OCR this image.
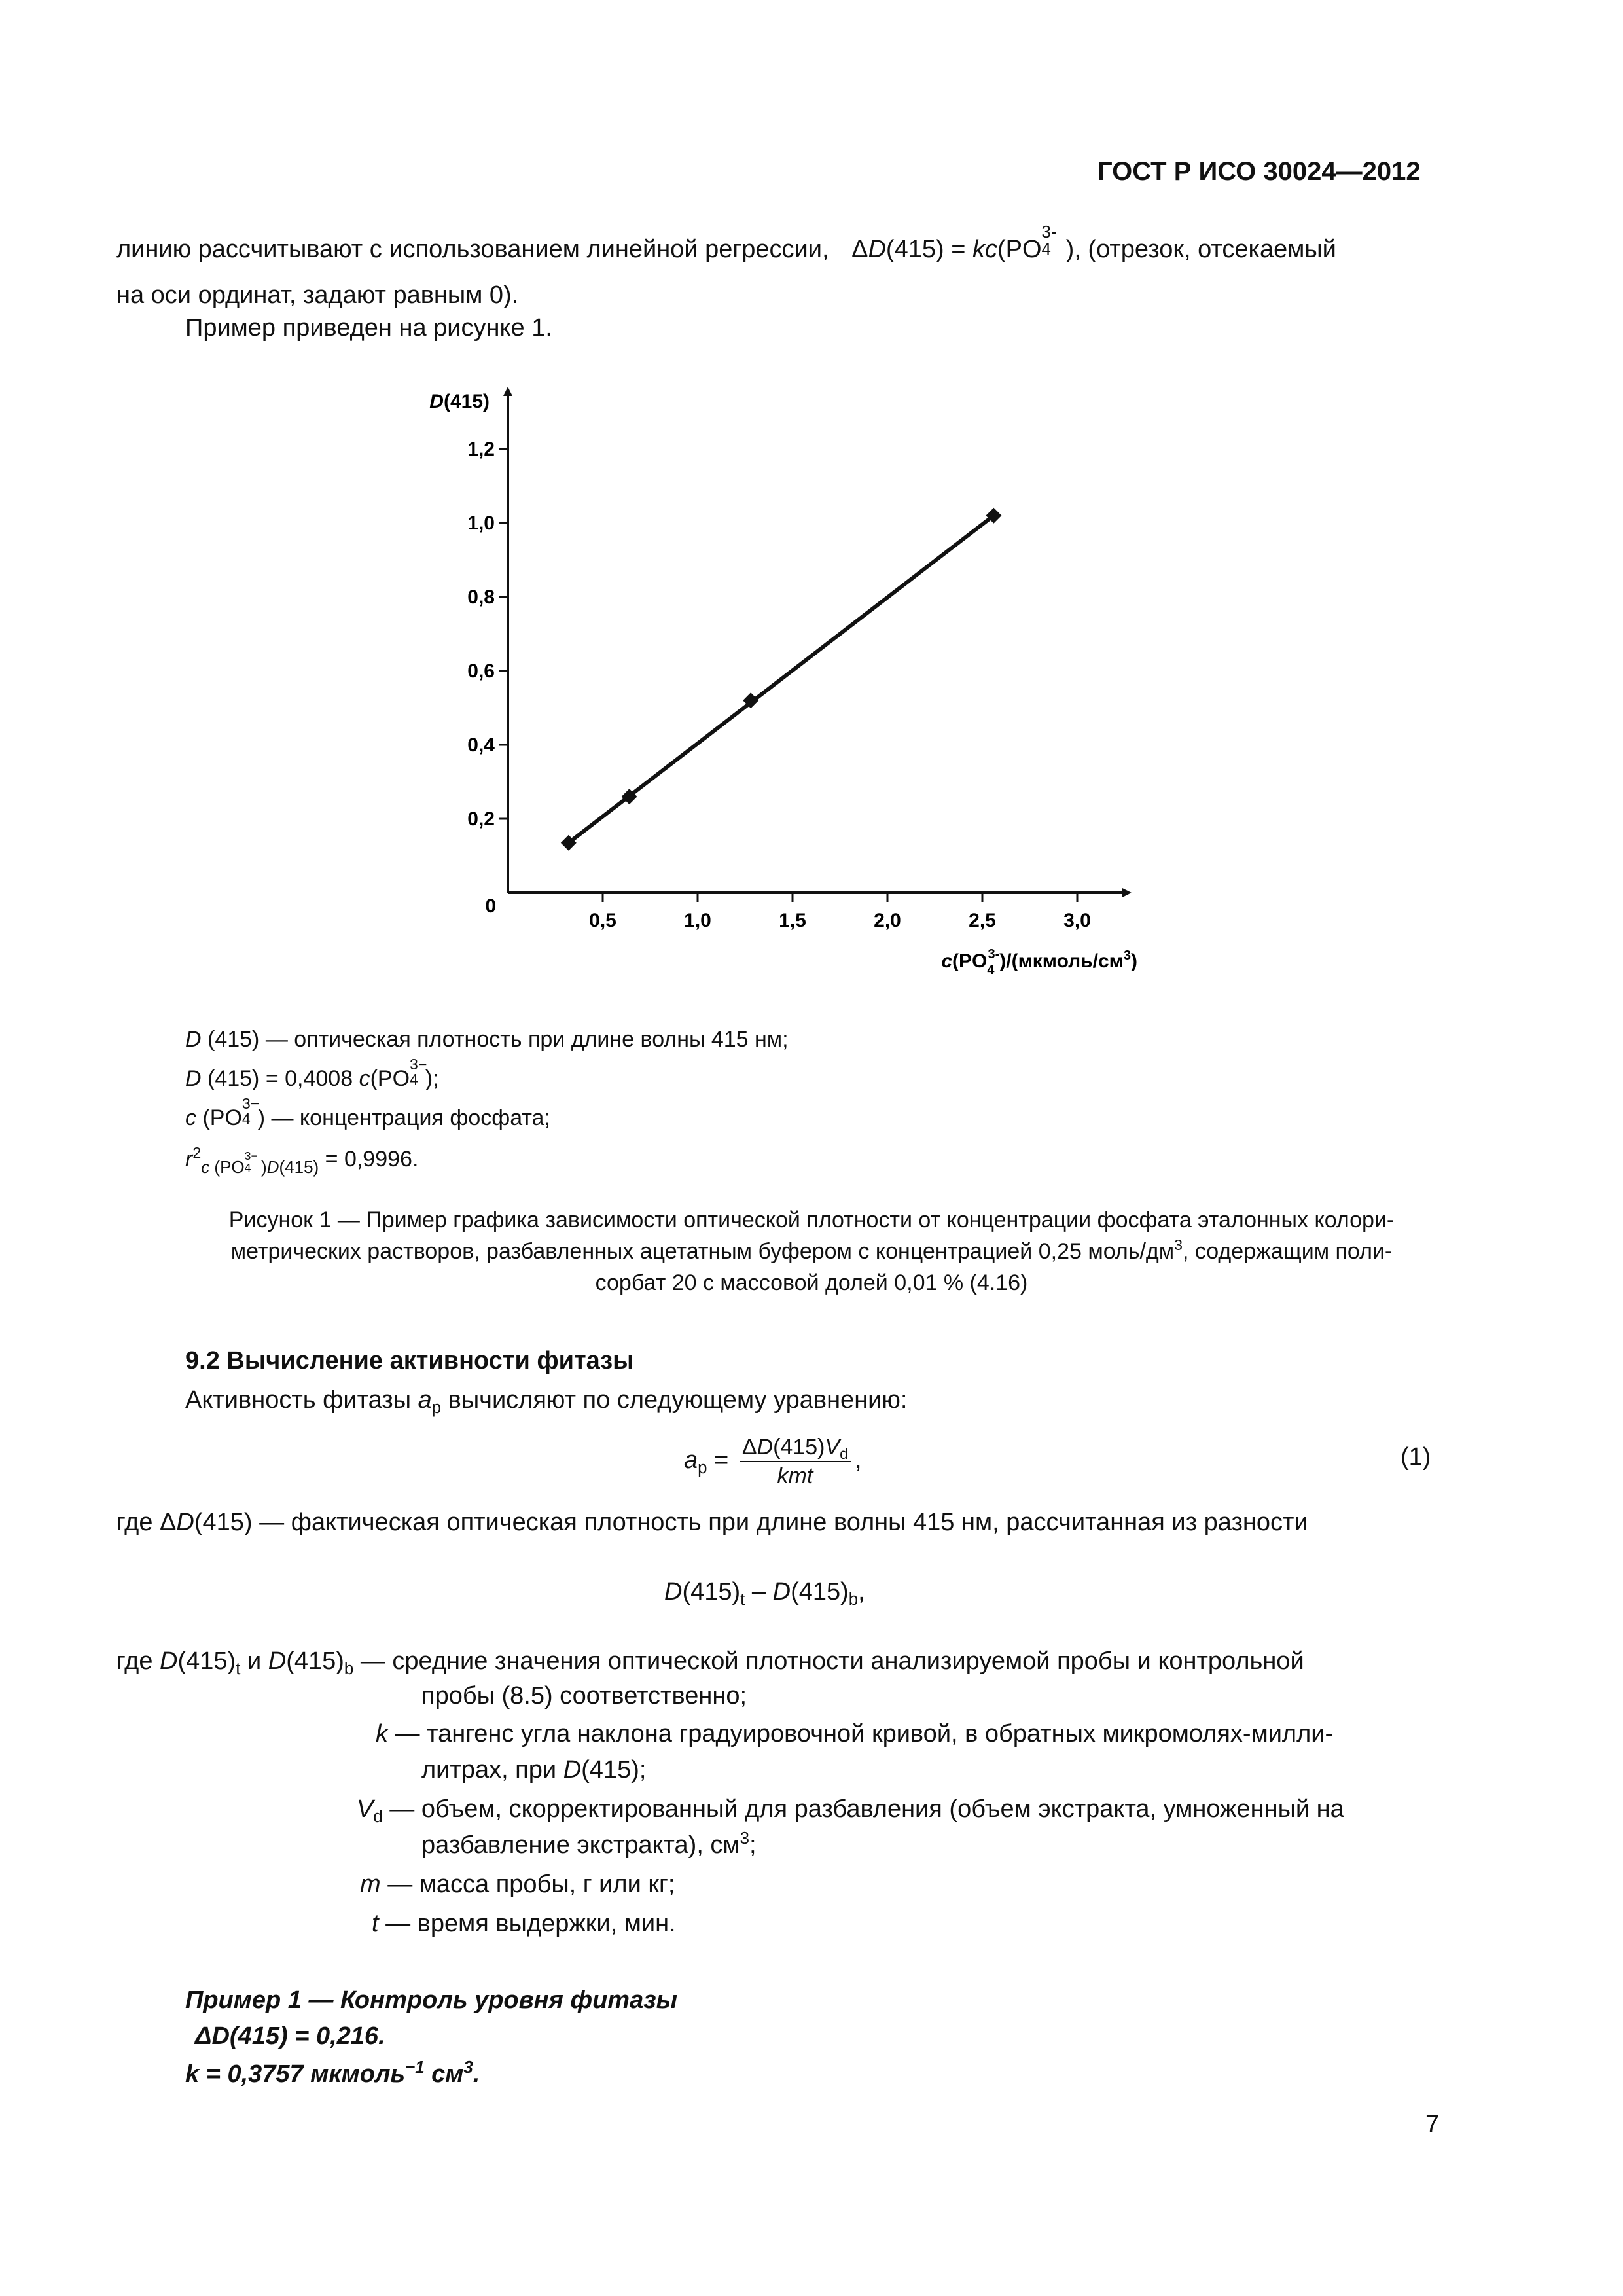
ГОСТ Р ИСО 30024—2012
линию рассчитывают с использованием линейной регрессии, ΔD(415) = kc(PO
3-
4 ), (отрезок, отсекаемый
на оси ординат, задают равным 0).
Пример приведен на рисунке 1.
D(415)
0
0,2
0,4
0,6
0,8
1,0
1,2
0,5	1,0	1,5	2,0	2,5	3,0
$c(PO_43-)/(мкмоль/см^3)$
D (415) — оптическая плотность при длине волны 415 нм;
D (415) = 0,4008 c(PO
3−
4 );
c (PO
3−
4 ) — концентрация фосфата;
$r^2_{c (PO 3- 4 )D(415)} = 0,9996$.
Рисунок 1 — Пример графика зависимости оптической плотности от концентрации фосфата эталонных колори-
метрических растворов, разбавленных ацетатным буфером с концентрацией 0,25 моль/$дм^3$, содержащим поли-
сорбат 20 с массовой долей 0,01 % (4.16)
9.2 Вычисление активности фитазы
Активность фитазы $a_p$ вычисляют по следующему уравнению:
$a_p = \frac{\Delta D(415)V_d}{\text{kmt}}$ ,	(1)
где ΔD(415) — фактическая оптическая плотность при длине волны 415 нм, рассчитанная из разности
$D(415)_t - D(415)_b$,
где $D(415)_t$ и $D(415)_b$ — средние значения оптической плотности анализируемой пробы и контрольной
пробы (8.5) соответственно;
k — тангенс угла наклона градуировочной кривой, в обратных микромолях-милли-
литрах, при D(415);
$V_d$ — объем, скорректированный для разбавления (объем экстракта, умноженный на
разбавление экстракта), $см^3$;
m — масса пробы, г или кг;
t — время выдержки, мин.
Пример 1 — Контроль уровня фитазы
ΔD(415) = 0,216.
k = 0,3757 мкмоль$^{-1}$ $см^3$.
7
